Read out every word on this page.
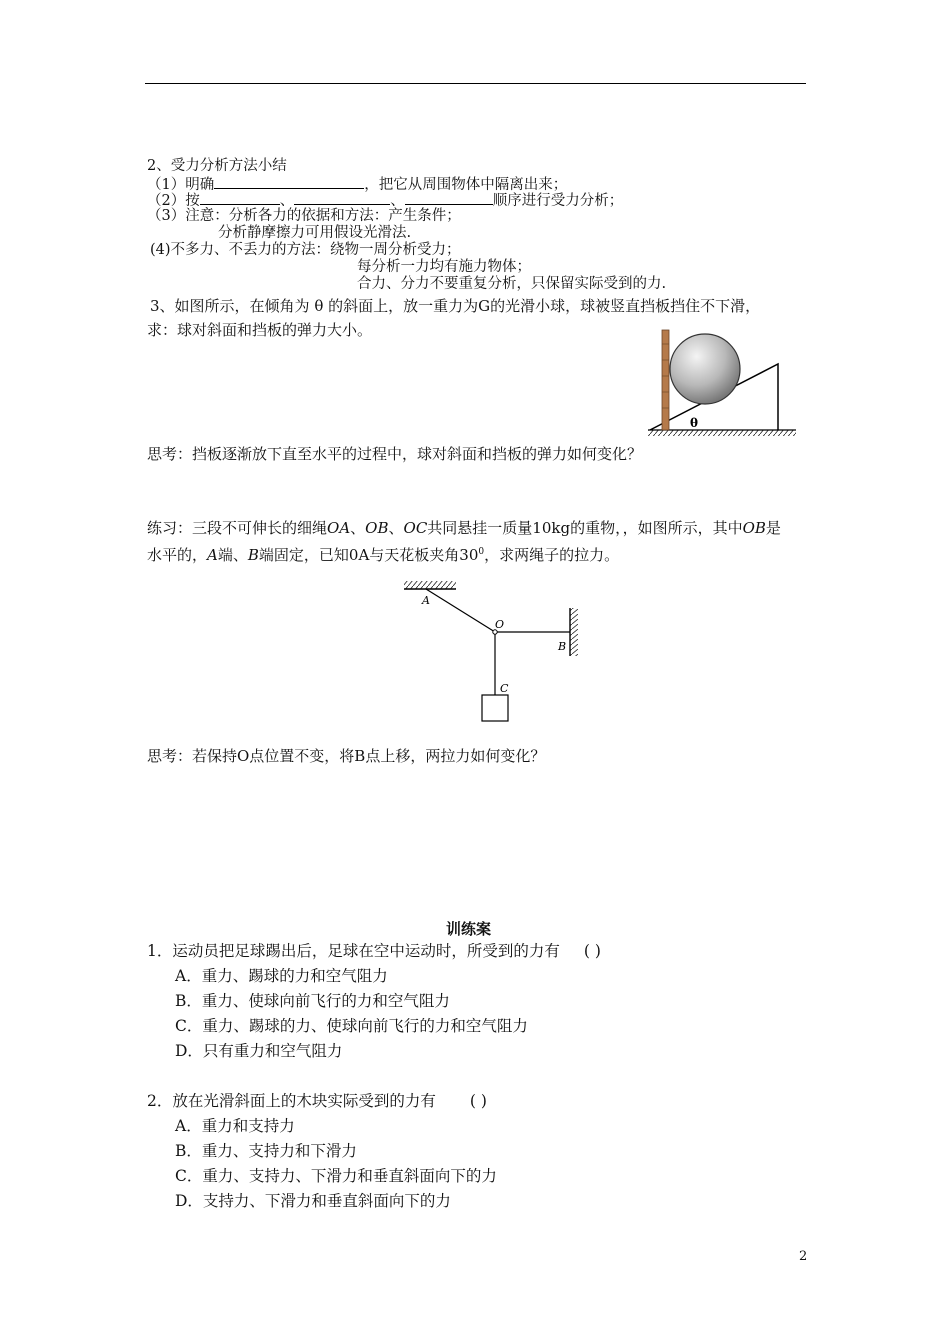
2、受力分析方法小结
（1）明确	，把它从周围物体中隔离出来；
（2）按	、	、	顺序进行受力分析；
（3）注意：分析各力的依据和方法：产生条件；
分析静摩擦力可用假设光滑法.
(4)不多力、不丢力的方法：绕物一周分析受力；
每分析一力均有施力物体；
合力、分力不要重复分析，只保留实际受到的力.
3、如图所示，在倾角为 θ 的斜面上，放一重力为G的光滑小球，球被竖直挡板挡住不下滑，
求：球对斜面和挡板的弹力大小。
θ
思考：挡板逐渐放下直至水平的过程中，球对斜面和挡板的弹力如何变化？
练习：三段不可伸长的细绳OA、OB、OC共同悬挂一质量10kg的重物，，如图所示，其中OB是
水平的，A端、B端固定，已知0A与天花板夹角$30^0$，求两绳子的拉力。
A
O
B
C
思考：若保持O点位置不变，将B点上移，两拉力如何变化？
训练案
1．运动员把足球踢出后，足球在空中运动时，所受到的力有 ( )
A．重力、踢球的力和空气阻力
B．重力、使球向前飞行的力和空气阻力
C．重力、踢球的力、使球向前飞行的力和空气阻力
D．只有重力和空气阻力
2．放在光滑斜面上的木块实际受到的力有 ( )
A．重力和支持力
B．重力、支持力和下滑力
C．重力、支持力、下滑力和垂直斜面向下的力
D．支持力、下滑力和垂直斜面向下的力
2
